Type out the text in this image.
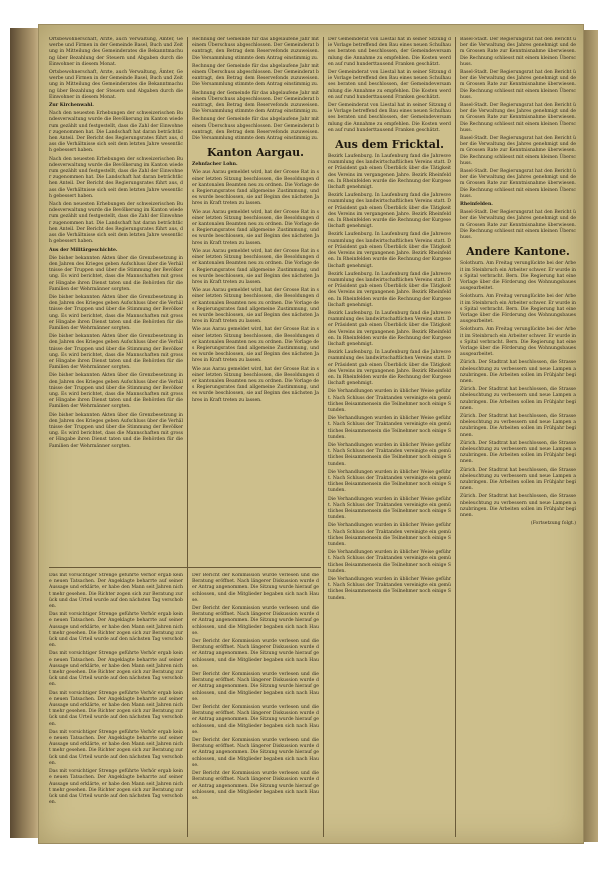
Ortsbewohnerschaft, Arzte, auch Verwaltung, Ämter, Gewerbe und Firmen in der Gemeinde Basel, Buch und Zeitung in Mitteilung des Gemeinderates die Bekanntmachung über Bezahlung der Steuern und Abgaben durch die Einwohner in diesem Monat.

Ortsbewohnerschaft, Arzte, auch Verwaltung, Ämter, Gewerbe und Firmen in der Gemeinde Basel, Buch und Zeitung in Mitteilung des Gemeinderates die Bekanntmachung über Bezahlung der Steuern und Abgaben durch die Einwohner in diesem Monat.

Zur Kirchenwahl.

Nach den neuesten Erhebungen der schweizerischen Bundesverwaltung wurde die Bevölkerung im Kanton wiederum gezählt und festgestellt, dass die Zahl der Einwohner zugenommen hat. Die Landschaft hat daran beträchtlichen Anteil. Der Bericht des Regierungsrates führt aus, dass die Verhältnisse sich seit dem letzten Jahre wesentlich gebessert haben.

Nach den neuesten Erhebungen der schweizerischen Bundesverwaltung wurde die Bevölkerung im Kanton wiederum gezählt und festgestellt, dass die Zahl der Einwohner zugenommen hat. Die Landschaft hat daran beträchtlichen Anteil. Der Bericht des Regierungsrates führt aus, dass die Verhältnisse sich seit dem letzten Jahre wesentlich gebessert haben.

Nach den neuesten Erhebungen der schweizerischen Bundesverwaltung wurde die Bevölkerung im Kanton wiederum gezählt und festgestellt, dass die Zahl der Einwohner zugenommen hat. Die Landschaft hat daran beträchtlichen Anteil. Der Bericht des Regierungsrates führt aus, dass die Verhältnisse sich seit dem letzten Jahre wesentlich gebessert haben.

Aus der Militärgeschichte.

Die bisher bekannten Akten über die Grenzbesetzung in den Jahren des Krieges geben Aufschluss über die Verhältnisse der Truppen und über die Stimmung der Bevölkerung. Es wird berichtet, dass die Mannschaften mit grosser Hingabe ihren Dienst taten und die Behörden für die Familien der Wehrmänner sorgten.

Die bisher bekannten Akten über die Grenzbesetzung in den Jahren des Krieges geben Aufschluss über die Verhältnisse der Truppen und über die Stimmung der Bevölkerung. Es wird berichtet, dass die Mannschaften mit grosser Hingabe ihren Dienst taten und die Behörden für die Familien der Wehrmänner sorgten.

Die bisher bekannten Akten über die Grenzbesetzung in den Jahren des Krieges geben Aufschluss über die Verhältnisse der Truppen und über die Stimmung der Bevölkerung. Es wird berichtet, dass die Mannschaften mit grosser Hingabe ihren Dienst taten und die Behörden für die Familien der Wehrmänner sorgten.

Die bisher bekannten Akten über die Grenzbesetzung in den Jahren des Krieges geben Aufschluss über die Verhältnisse der Truppen und über die Stimmung der Bevölkerung. Es wird berichtet, dass die Mannschaften mit grosser Hingabe ihren Dienst taten und die Behörden für die Familien der Wehrmänner sorgten.

Die bisher bekannten Akten über die Grenzbesetzung in den Jahren des Krieges geben Aufschluss über die Verhältnisse der Truppen und über die Stimmung der Bevölkerung. Es wird berichtet, dass die Mannschaften mit grosser Hingabe ihren Dienst taten und die Behörden für die Familien der Wehrmänner sorgten.

Rechnung der Gemeinde für das abgelaufene Jahr mit einem Überschuss abgeschlossen. Der Gemeinderat beantragt, den Betrag dem Reservefonds zuzuweisen. Die Versammlung stimmte dem Antrag einstimmig zu.

Rechnung der Gemeinde für das abgelaufene Jahr mit einem Überschuss abgeschlossen. Der Gemeinderat beantragt, den Betrag dem Reservefonds zuzuweisen. Die Versammlung stimmte dem Antrag einstimmig zu.

Rechnung der Gemeinde für das abgelaufene Jahr mit einem Überschuss abgeschlossen. Der Gemeinderat beantragt, den Betrag dem Reservefonds zuzuweisen. Die Versammlung stimmte dem Antrag einstimmig zu.

Rechnung der Gemeinde für das abgelaufene Jahr mit einem Überschuss abgeschlossen. Der Gemeinderat beantragt, den Betrag dem Reservefonds zuzuweisen. Die Versammlung stimmte dem Antrag einstimmig zu.

Kanton Aargau.

Zehnfacher Lohn.

Wie aus Aarau gemeldet wird, hat der Grosse Rat in seiner letzten Sitzung beschlossen, die Besoldungen der kantonalen Beamten neu zu ordnen. Die Vorlage des Regierungsrates fand allgemeine Zustimmung, und es wurde beschlossen, sie auf Beginn des nächsten Jahres in Kraft treten zu lassen.

Wie aus Aarau gemeldet wird, hat der Grosse Rat in seiner letzten Sitzung beschlossen, die Besoldungen der kantonalen Beamten neu zu ordnen. Die Vorlage des Regierungsrates fand allgemeine Zustimmung, und es wurde beschlossen, sie auf Beginn des nächsten Jahres in Kraft treten zu lassen.

Wie aus Aarau gemeldet wird, hat der Grosse Rat in seiner letzten Sitzung beschlossen, die Besoldungen der kantonalen Beamten neu zu ordnen. Die Vorlage des Regierungsrates fand allgemeine Zustimmung, und es wurde beschlossen, sie auf Beginn des nächsten Jahres in Kraft treten zu lassen.

Wie aus Aarau gemeldet wird, hat der Grosse Rat in seiner letzten Sitzung beschlossen, die Besoldungen der kantonalen Beamten neu zu ordnen. Die Vorlage des Regierungsrates fand allgemeine Zustimmung, und es wurde beschlossen, sie auf Beginn des nächsten Jahres in Kraft treten zu lassen.

Wie aus Aarau gemeldet wird, hat der Grosse Rat in seiner letzten Sitzung beschlossen, die Besoldungen der kantonalen Beamten neu zu ordnen. Die Vorlage des Regierungsrates fand allgemeine Zustimmung, und es wurde beschlossen, sie auf Beginn des nächsten Jahres in Kraft treten zu lassen.

Wie aus Aarau gemeldet wird, hat der Grosse Rat in seiner letzten Sitzung beschlossen, die Besoldungen der kantonalen Beamten neu zu ordnen. Die Vorlage des Regierungsrates fand allgemeine Zustimmung, und es wurde beschlossen, sie auf Beginn des nächsten Jahres in Kraft treten zu lassen.

Das mit vorsichtiger Strenge geführte Verhör ergab keine neuen Tatsachen. Der Angeklagte beharrte auf seiner Aussage und erklärte, er habe den Mann seit Jahren nicht mehr gesehen. Die Richter zogen sich zur Beratung zurück und das Urteil wurde auf den nächsten Tag verschoben.

Das mit vorsichtiger Strenge geführte Verhör ergab keine neuen Tatsachen. Der Angeklagte beharrte auf seiner Aussage und erklärte, er habe den Mann seit Jahren nicht mehr gesehen. Die Richter zogen sich zur Beratung zurück und das Urteil wurde auf den nächsten Tag verschoben.

Das mit vorsichtiger Strenge geführte Verhör ergab keine neuen Tatsachen. Der Angeklagte beharrte auf seiner Aussage und erklärte, er habe den Mann seit Jahren nicht mehr gesehen. Die Richter zogen sich zur Beratung zurück und das Urteil wurde auf den nächsten Tag verschoben.

Das mit vorsichtiger Strenge geführte Verhör ergab keine neuen Tatsachen. Der Angeklagte beharrte auf seiner Aussage und erklärte, er habe den Mann seit Jahren nicht mehr gesehen. Die Richter zogen sich zur Beratung zurück und das Urteil wurde auf den nächsten Tag verschoben.

Das mit vorsichtiger Strenge geführte Verhör ergab keine neuen Tatsachen. Der Angeklagte beharrte auf seiner Aussage und erklärte, er habe den Mann seit Jahren nicht mehr gesehen. Die Richter zogen sich zur Beratung zurück und das Urteil wurde auf den nächsten Tag verschoben.

Das mit vorsichtiger Strenge geführte Verhör ergab keine neuen Tatsachen. Der Angeklagte beharrte auf seiner Aussage und erklärte, er habe den Mann seit Jahren nicht mehr gesehen. Die Richter zogen sich zur Beratung zurück und das Urteil wurde auf den nächsten Tag verschoben.

Der Bericht der Kommission wurde verlesen und die Beratung eröffnet. Nach längerer Diskussion wurde der Antrag angenommen. Die Sitzung wurde hierauf geschlossen, und die Mitglieder begaben sich nach Hause.

Der Bericht der Kommission wurde verlesen und die Beratung eröffnet. Nach längerer Diskussion wurde der Antrag angenommen. Die Sitzung wurde hierauf geschlossen, und die Mitglieder begaben sich nach Hause.

Der Bericht der Kommission wurde verlesen und die Beratung eröffnet. Nach längerer Diskussion wurde der Antrag angenommen. Die Sitzung wurde hierauf geschlossen, und die Mitglieder begaben sich nach Hause.

Der Bericht der Kommission wurde verlesen und die Beratung eröffnet. Nach längerer Diskussion wurde der Antrag angenommen. Die Sitzung wurde hierauf geschlossen, und die Mitglieder begaben sich nach Hause.

Der Bericht der Kommission wurde verlesen und die Beratung eröffnet. Nach längerer Diskussion wurde der Antrag angenommen. Die Sitzung wurde hierauf geschlossen, und die Mitglieder begaben sich nach Hause.

Der Bericht der Kommission wurde verlesen und die Beratung eröffnet. Nach längerer Diskussion wurde der Antrag angenommen. Die Sitzung wurde hierauf geschlossen, und die Mitglieder begaben sich nach Hause.

Der Bericht der Kommission wurde verlesen und die Beratung eröffnet. Nach längerer Diskussion wurde der Antrag angenommen. Die Sitzung wurde hierauf geschlossen, und die Mitglieder begaben sich nach Hause.

Der Gemeinderat von Liestal hat in seiner Sitzung die Vorlage betreffend den Bau eines neuen Schulhauses beraten und beschlossen, der Gemeindeversammlung die Annahme zu empfehlen. Die Kosten werden auf rund hunderttausend Franken geschätzt.

Der Gemeinderat von Liestal hat in seiner Sitzung die Vorlage betreffend den Bau eines neuen Schulhauses beraten und beschlossen, der Gemeindeversammlung die Annahme zu empfehlen. Die Kosten werden auf rund hunderttausend Franken geschätzt.

Der Gemeinderat von Liestal hat in seiner Sitzung die Vorlage betreffend den Bau eines neuen Schulhauses beraten und beschlossen, der Gemeindeversammlung die Annahme zu empfehlen. Die Kosten werden auf rund hunderttausend Franken geschätzt.

Aus dem Fricktal.

Bezirk Laufenburg. In Laufenburg fand die Jahresversammlung des landwirtschaftlichen Vereins statt. Der Präsident gab einen Überblick über die Tätigkeit des Vereins im vergangenen Jahre. Bezirk Rheinfelden. In Rheinfelden wurde die Rechnung der Kurgesellschaft genehmigt.

Bezirk Laufenburg. In Laufenburg fand die Jahresversammlung des landwirtschaftlichen Vereins statt. Der Präsident gab einen Überblick über die Tätigkeit des Vereins im vergangenen Jahre. Bezirk Rheinfelden. In Rheinfelden wurde die Rechnung der Kurgesellschaft genehmigt.

Bezirk Laufenburg. In Laufenburg fand die Jahresversammlung des landwirtschaftlichen Vereins statt. Der Präsident gab einen Überblick über die Tätigkeit des Vereins im vergangenen Jahre. Bezirk Rheinfelden. In Rheinfelden wurde die Rechnung der Kurgesellschaft genehmigt.

Bezirk Laufenburg. In Laufenburg fand die Jahresversammlung des landwirtschaftlichen Vereins statt. Der Präsident gab einen Überblick über die Tätigkeit des Vereins im vergangenen Jahre. Bezirk Rheinfelden. In Rheinfelden wurde die Rechnung der Kurgesellschaft genehmigt.

Bezirk Laufenburg. In Laufenburg fand die Jahresversammlung des landwirtschaftlichen Vereins statt. Der Präsident gab einen Überblick über die Tätigkeit des Vereins im vergangenen Jahre. Bezirk Rheinfelden. In Rheinfelden wurde die Rechnung der Kurgesellschaft genehmigt.

Bezirk Laufenburg. In Laufenburg fand die Jahresversammlung des landwirtschaftlichen Vereins statt. Der Präsident gab einen Überblick über die Tätigkeit des Vereins im vergangenen Jahre. Bezirk Rheinfelden. In Rheinfelden wurde die Rechnung der Kurgesellschaft genehmigt.

Die Verhandlungen wurden in üblicher Weise geführt. Nach Schluss der Traktanden vereinigte ein gemütliches Beisammensein die Teilnehmer noch einige Stunden.

Die Verhandlungen wurden in üblicher Weise geführt. Nach Schluss der Traktanden vereinigte ein gemütliches Beisammensein die Teilnehmer noch einige Stunden.

Die Verhandlungen wurden in üblicher Weise geführt. Nach Schluss der Traktanden vereinigte ein gemütliches Beisammensein die Teilnehmer noch einige Stunden.

Die Verhandlungen wurden in üblicher Weise geführt. Nach Schluss der Traktanden vereinigte ein gemütliches Beisammensein die Teilnehmer noch einige Stunden.

Die Verhandlungen wurden in üblicher Weise geführt. Nach Schluss der Traktanden vereinigte ein gemütliches Beisammensein die Teilnehmer noch einige Stunden.

Die Verhandlungen wurden in üblicher Weise geführt. Nach Schluss der Traktanden vereinigte ein gemütliches Beisammensein die Teilnehmer noch einige Stunden.

Die Verhandlungen wurden in üblicher Weise geführt. Nach Schluss der Traktanden vereinigte ein gemütliches Beisammensein die Teilnehmer noch einige Stunden.

Die Verhandlungen wurden in üblicher Weise geführt. Nach Schluss der Traktanden vereinigte ein gemütliches Beisammensein die Teilnehmer noch einige Stunden.

Basel-Stadt. Der Regierungsrat hat den Bericht über die Verwaltung des Jahres genehmigt und dem Grossen Rate zur Kenntnisnahme überwiesen. Die Rechnung schliesst mit einem kleinen Überschuss.

Basel-Stadt. Der Regierungsrat hat den Bericht über die Verwaltung des Jahres genehmigt und dem Grossen Rate zur Kenntnisnahme überwiesen. Die Rechnung schliesst mit einem kleinen Überschuss.

Basel-Stadt. Der Regierungsrat hat den Bericht über die Verwaltung des Jahres genehmigt und dem Grossen Rate zur Kenntnisnahme überwiesen. Die Rechnung schliesst mit einem kleinen Überschuss.

Basel-Stadt. Der Regierungsrat hat den Bericht über die Verwaltung des Jahres genehmigt und dem Grossen Rate zur Kenntnisnahme überwiesen. Die Rechnung schliesst mit einem kleinen Überschuss.

Basel-Stadt. Der Regierungsrat hat den Bericht über die Verwaltung des Jahres genehmigt und dem Grossen Rate zur Kenntnisnahme überwiesen. Die Rechnung schliesst mit einem kleinen Überschuss.

Rheinfelden.

Basel-Stadt. Der Regierungsrat hat den Bericht über die Verwaltung des Jahres genehmigt und dem Grossen Rate zur Kenntnisnahme überwiesen. Die Rechnung schliesst mit einem kleinen Überschuss.

Andere Kantone.

Solothurn. Am Freitag verunglückte bei der Arbeit im Steinbruch ein Arbeiter schwer. Er wurde ins Spital verbracht. Bern. Die Regierung hat eine Vorlage über die Förderung des Wohnungsbaues ausgearbeitet.

Solothurn. Am Freitag verunglückte bei der Arbeit im Steinbruch ein Arbeiter schwer. Er wurde ins Spital verbracht. Bern. Die Regierung hat eine Vorlage über die Förderung des Wohnungsbaues ausgearbeitet.

Solothurn. Am Freitag verunglückte bei der Arbeit im Steinbruch ein Arbeiter schwer. Er wurde ins Spital verbracht. Bern. Die Regierung hat eine Vorlage über die Förderung des Wohnungsbaues ausgearbeitet.

Zürich. Der Stadtrat hat beschlossen, die Strassenbeleuchtung zu verbessern und neue Lampen anzubringen. Die Arbeiten sollen im Frühjahr beginnen.

Zürich. Der Stadtrat hat beschlossen, die Strassenbeleuchtung zu verbessern und neue Lampen anzubringen. Die Arbeiten sollen im Frühjahr beginnen.

Zürich. Der Stadtrat hat beschlossen, die Strassenbeleuchtung zu verbessern und neue Lampen anzubringen. Die Arbeiten sollen im Frühjahr beginnen.

Zürich. Der Stadtrat hat beschlossen, die Strassenbeleuchtung zu verbessern und neue Lampen anzubringen. Die Arbeiten sollen im Frühjahr beginnen.

Zürich. Der Stadtrat hat beschlossen, die Strassenbeleuchtung zu verbessern und neue Lampen anzubringen. Die Arbeiten sollen im Frühjahr beginnen.

Zürich. Der Stadtrat hat beschlossen, die Strassenbeleuchtung zu verbessern und neue Lampen anzubringen. Die Arbeiten sollen im Frühjahr beginnen.

(Fortsetzung folgt.)
